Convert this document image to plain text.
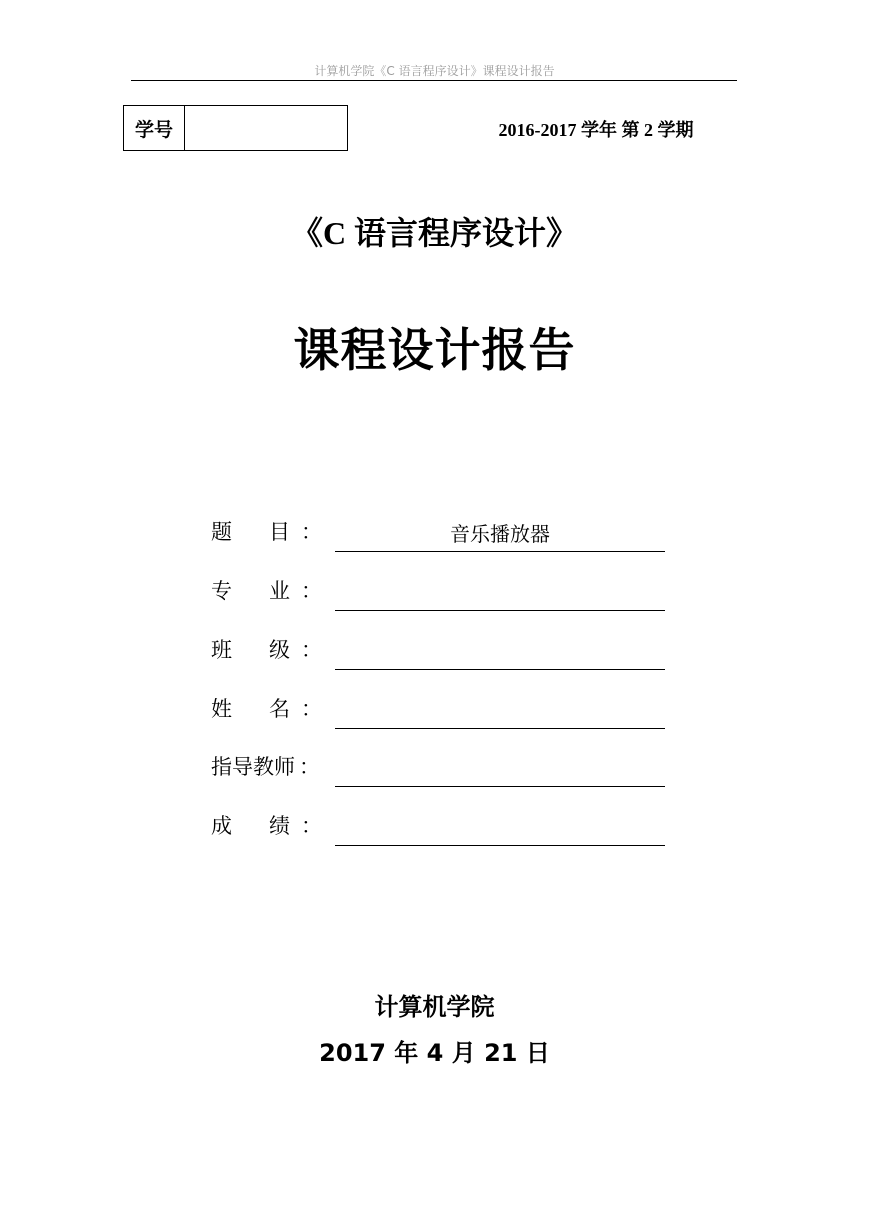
计算机学院《C 语言程序设计》课程设计报告
学号	2016-2017 学年 第 2 学期
《C 语言程序设计》
课程设计报告
题　目 ：	音乐播放器
专　业 ：
班　级 ：
姓　名 ：
指导教师 ：
成　绩 ：
计算机学院
2017 年 4 月 21 日
